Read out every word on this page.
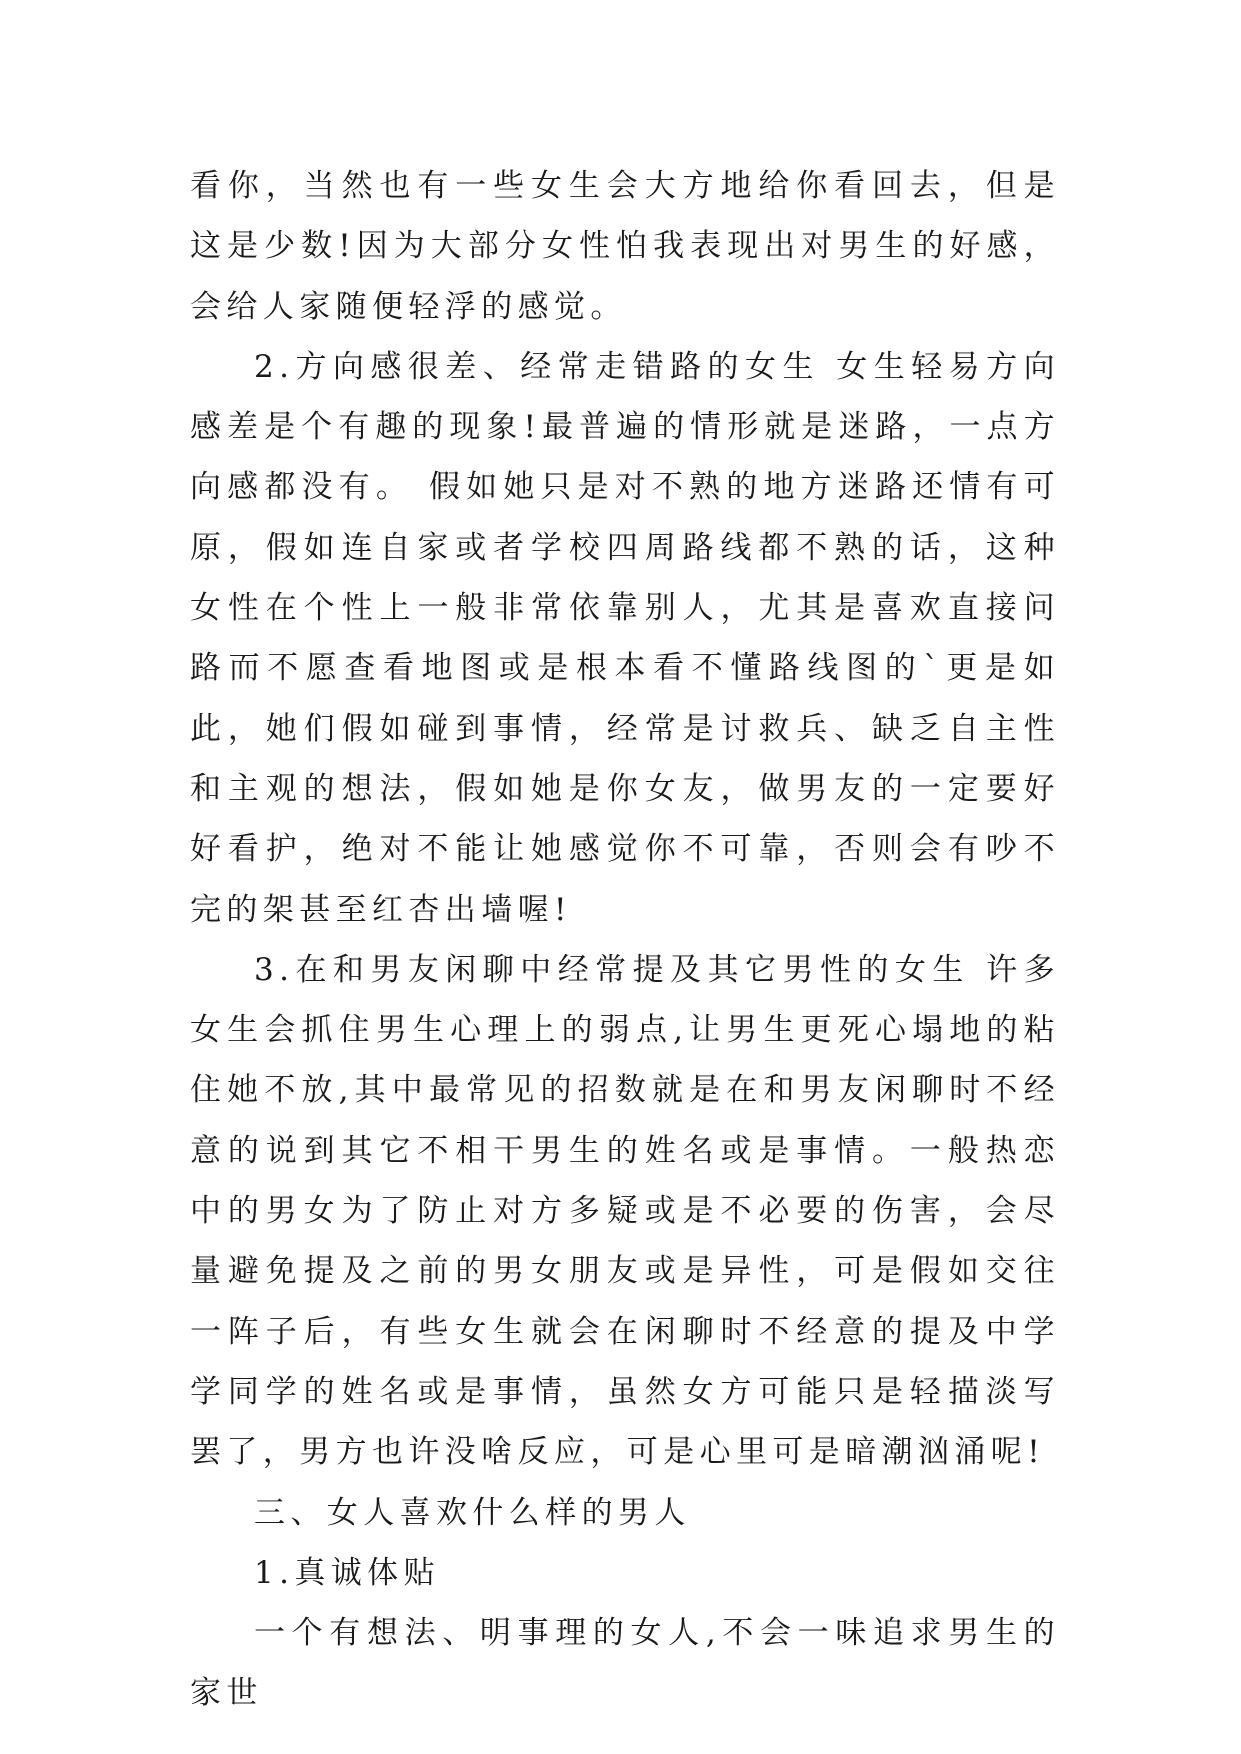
看你，当然也有一些女生会大方地给你看回去，但是这是少数!因为大部分女性怕我表现出对男生的好感，会给人家随便轻浮的感觉。

2.方向感很差、经常走错路的女生 女生轻易方向感差是个有趣的现象!最普遍的情形就是迷路，一点方向感都没有。 假如她只是对不熟的地方迷路还情有可原，假如连自家或者学校四周路线都不熟的话，这种女性在个性上一般非常依靠别人，尤其是喜欢直接问路而不愿查看地图或是根本看不懂路线图的`更是如此，她们假如碰到事情，经常是讨救兵、缺乏自主性和主观的想法，假如她是你女友，做男友的一定要好好看护，绝对不能让她感觉你不可靠，否则会有吵不完的架甚至红杏出墙喔!

3.在和男友闲聊中经常提及其它男性的女生 许多女生会抓住男生心理上的弱点,让男生更死心塌地的粘住她不放,其中最常见的招数就是在和男友闲聊时不经意的说到其它不相干男生的姓名或是事情。一般热恋中的男女为了防止对方多疑或是不必要的伤害，会尽量避免提及之前的男女朋友或是异性，可是假如交往一阵子后，有些女生就会在闲聊时不经意的提及中学学同学的姓名或是事情，虽然女方可能只是轻描淡写罢了，男方也许没啥反应，可是心里可是暗潮汹涌呢!

三、女人喜欢什么样的男人

1.真诚体贴

一个有想法、明事理的女人,不会一味追求男生的家世
